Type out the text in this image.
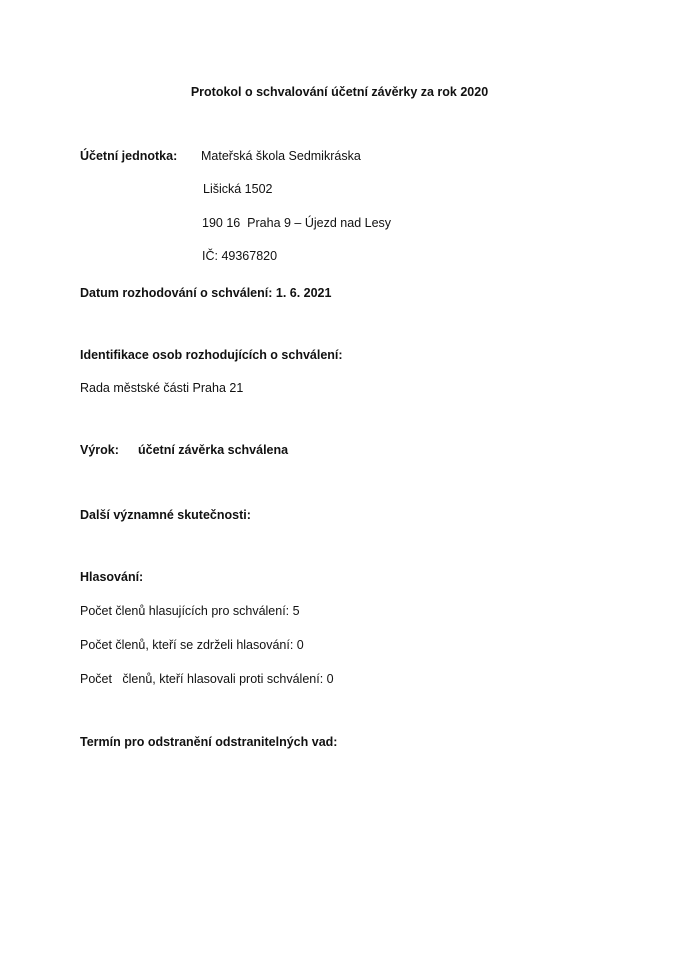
Protokol o schvalování účetní závěrky za rok 2020
Účetní jednotka: Mateřská škola Sedmikráska
Lišická 1502
190 16  Praha 9 – Újezd nad Lesy
IČ: 49367820
Datum rozhodování o schválení: 1. 6. 2021
Identifikace osob rozhodujících o schválení:
Rada městské části Praha 21
Výrok: účetní závěrka schválena
Další významné skutečnosti:
Hlasování:
Počet členů hlasujících pro schválení: 5
Počet členů, kteří se zdrželi hlasování: 0
Počet   členů, kteří hlasovali proti schválení: 0
Termín pro odstranění odstranitelných vad:
